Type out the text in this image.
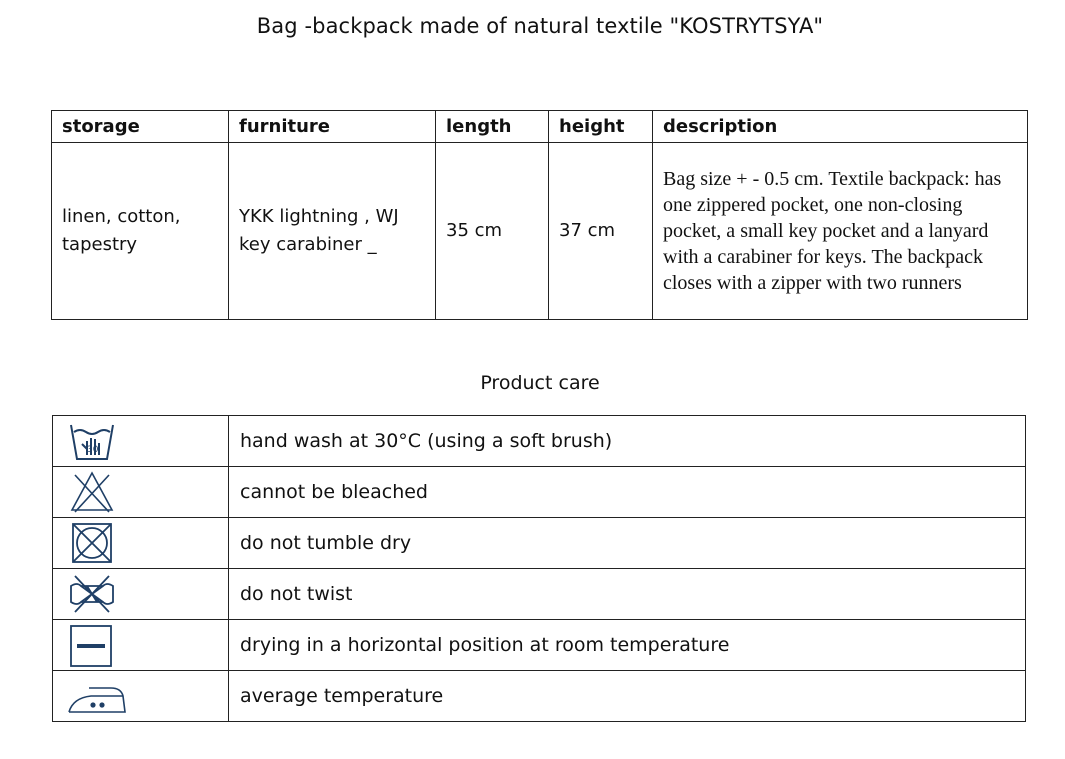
Bag -backpack made of natural textile "KOSTRYTSYA"
storage	furniture	length	height	description
linen, cotton, tapestry	YKK lightning , WJ key carabiner _	35 cm	37 cm	Bag size + - 0.5 cm. Textile backpack: has one zippered pocket, one non-closing pocket, a small key pocket and a lanyard with a carabiner for keys. The backpack closes with a zipper with two runners
Product care
30	hand wash at 30°C (using a soft brush)

	cannot be bleached

	do not tumble dry

	do not twist

	drying in a horizontal position at room temperature

	average temperature
